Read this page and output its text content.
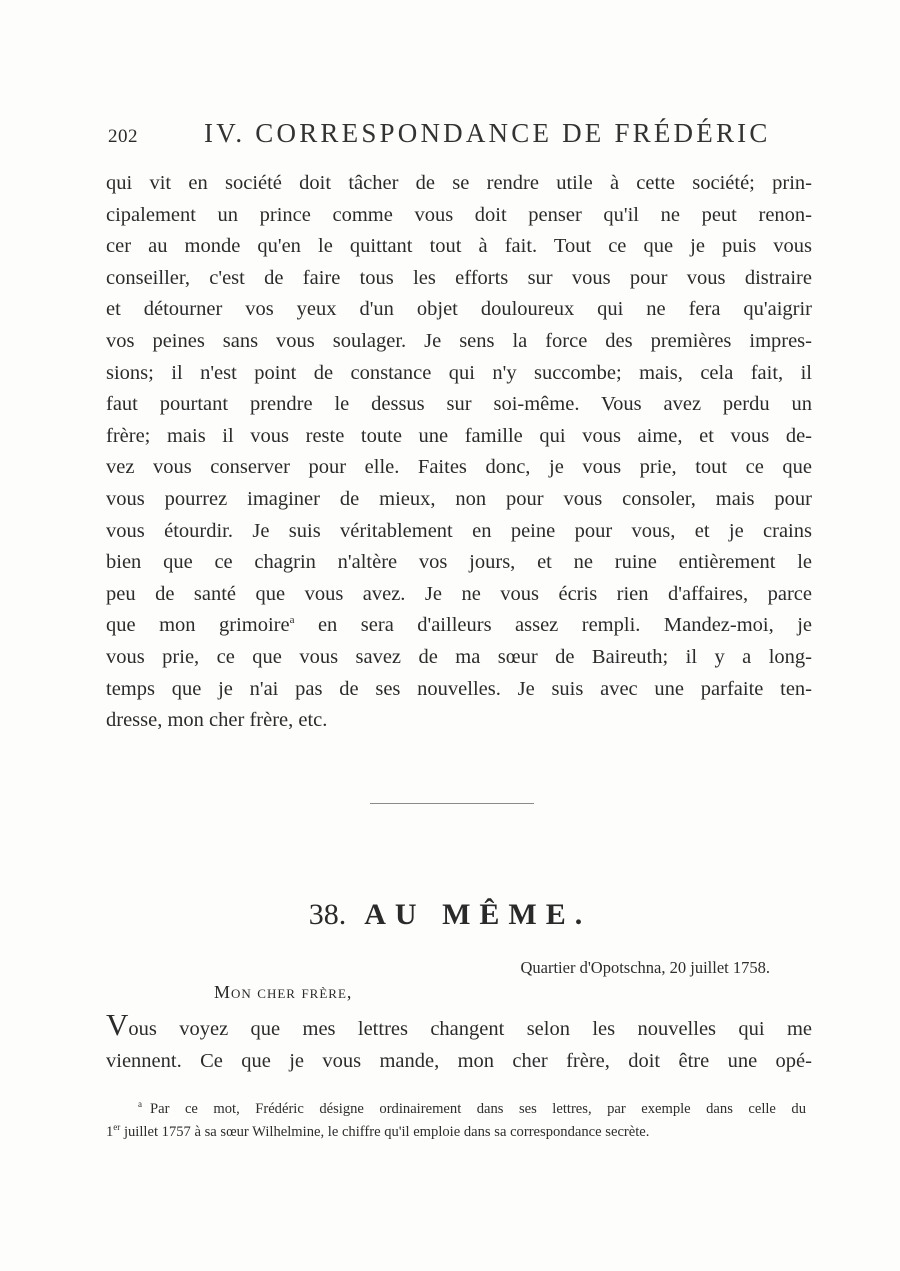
202 IV. CORRESPONDANCE DE FRÉDÉRIC
qui vit en société doit tâcher de se rendre utile à cette société; prin-
cipalement un prince comme vous doit penser qu'il ne peut renon-
cer au monde qu'en le quittant tout à fait. Tout ce que je puis vous
conseiller, c'est de faire tous les efforts sur vous pour vous distraire
et détourner vos yeux d'un objet douloureux qui ne fera qu'aigrir
vos peines sans vous soulager. Je sens la force des premières impres-
sions; il n'est point de constance qui n'y succombe; mais, cela fait, il
faut pourtant prendre le dessus sur soi-même. Vous avez perdu un
frère; mais il vous reste toute une famille qui vous aime, et vous de-
vez vous conserver pour elle. Faites donc, je vous prie, tout ce que
vous pourrez imaginer de mieux, non pour vous consoler, mais pour
vous étourdir. Je suis véritablement en peine pour vous, et je crains
bien que ce chagrin n'altère vos jours, et ne ruine entièrement le
peu de santé que vous avez. Je ne vous écris rien d'affaires, parce
que mon grimoire$^a$ en sera d'ailleurs assez rempli. Mandez-moi, je
vous prie, ce que vous savez de ma sœur de Baireuth; il y a long-
temps que je n'ai pas de ses nouvelles. Je suis avec une parfaite ten-
dresse, mon cher frère, etc.
38. AU MÊME.
Quartier d'Opotschna, 20 juillet 1758.
Mon cher frère,
Vous voyez que mes lettres changent selon les nouvelles qui me
viennent. Ce que je vous mande, mon cher frère, doit être une opé-
$^a$ Par ce mot, Frédéric désigne ordinairement dans ses lettres, par exemple dans celle du
1er juillet 1757 à sa sœur Wilhelmine, le chiffre qu'il emploie dans sa correspondance secrète.
